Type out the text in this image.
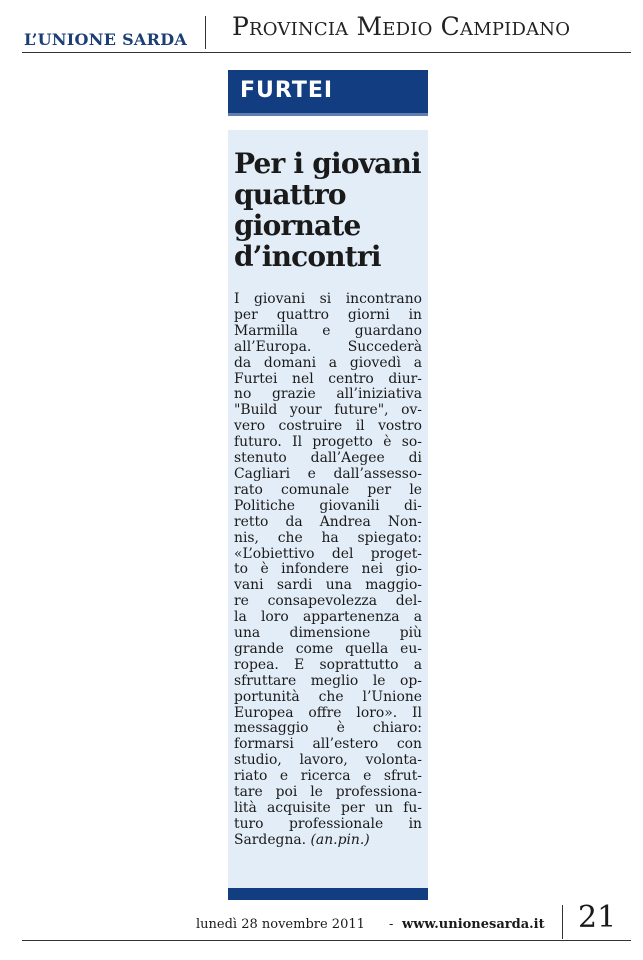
L’UNIONE SARDA Provincia Medio Campidano
FURTEI
Per i giovani quattro giornate d’incontri

I giovani si incontrano
per quattro giorni in
Marmilla e guardano
all’Europa. Succederà
da domani a giovedì a
Furtei nel centro diur-
no grazie all’iniziativa
"Build your future", ov-
vero costruire il vostro
futuro. Il progetto è so-
stenuto dall’Aegee di
Cagliari e dall’assesso-
rato comunale per le
Politiche giovanili di-
retto da Andrea Non-
nis, che ha spiegato:
«L’obiettivo del proget-
to è infondere nei gio-
vani sardi una maggio-
re consapevolezza del-
la loro appartenenza a
una dimensione più
grande come quella eu-
ropea. E soprattutto a
sfruttare meglio le op-
portunità che l’Unione
Europea offre loro». Il
messaggio è chiaro:
formarsi all’estero con
studio, lavoro, volonta-
riato e ricerca e sfrut-
tare poi le professiona-
lità acquisite per un fu-
turo professionale in
Sardegna. (an.pin.)

lunedì 28 novembre 2011 - www.unionesarda.it 21
